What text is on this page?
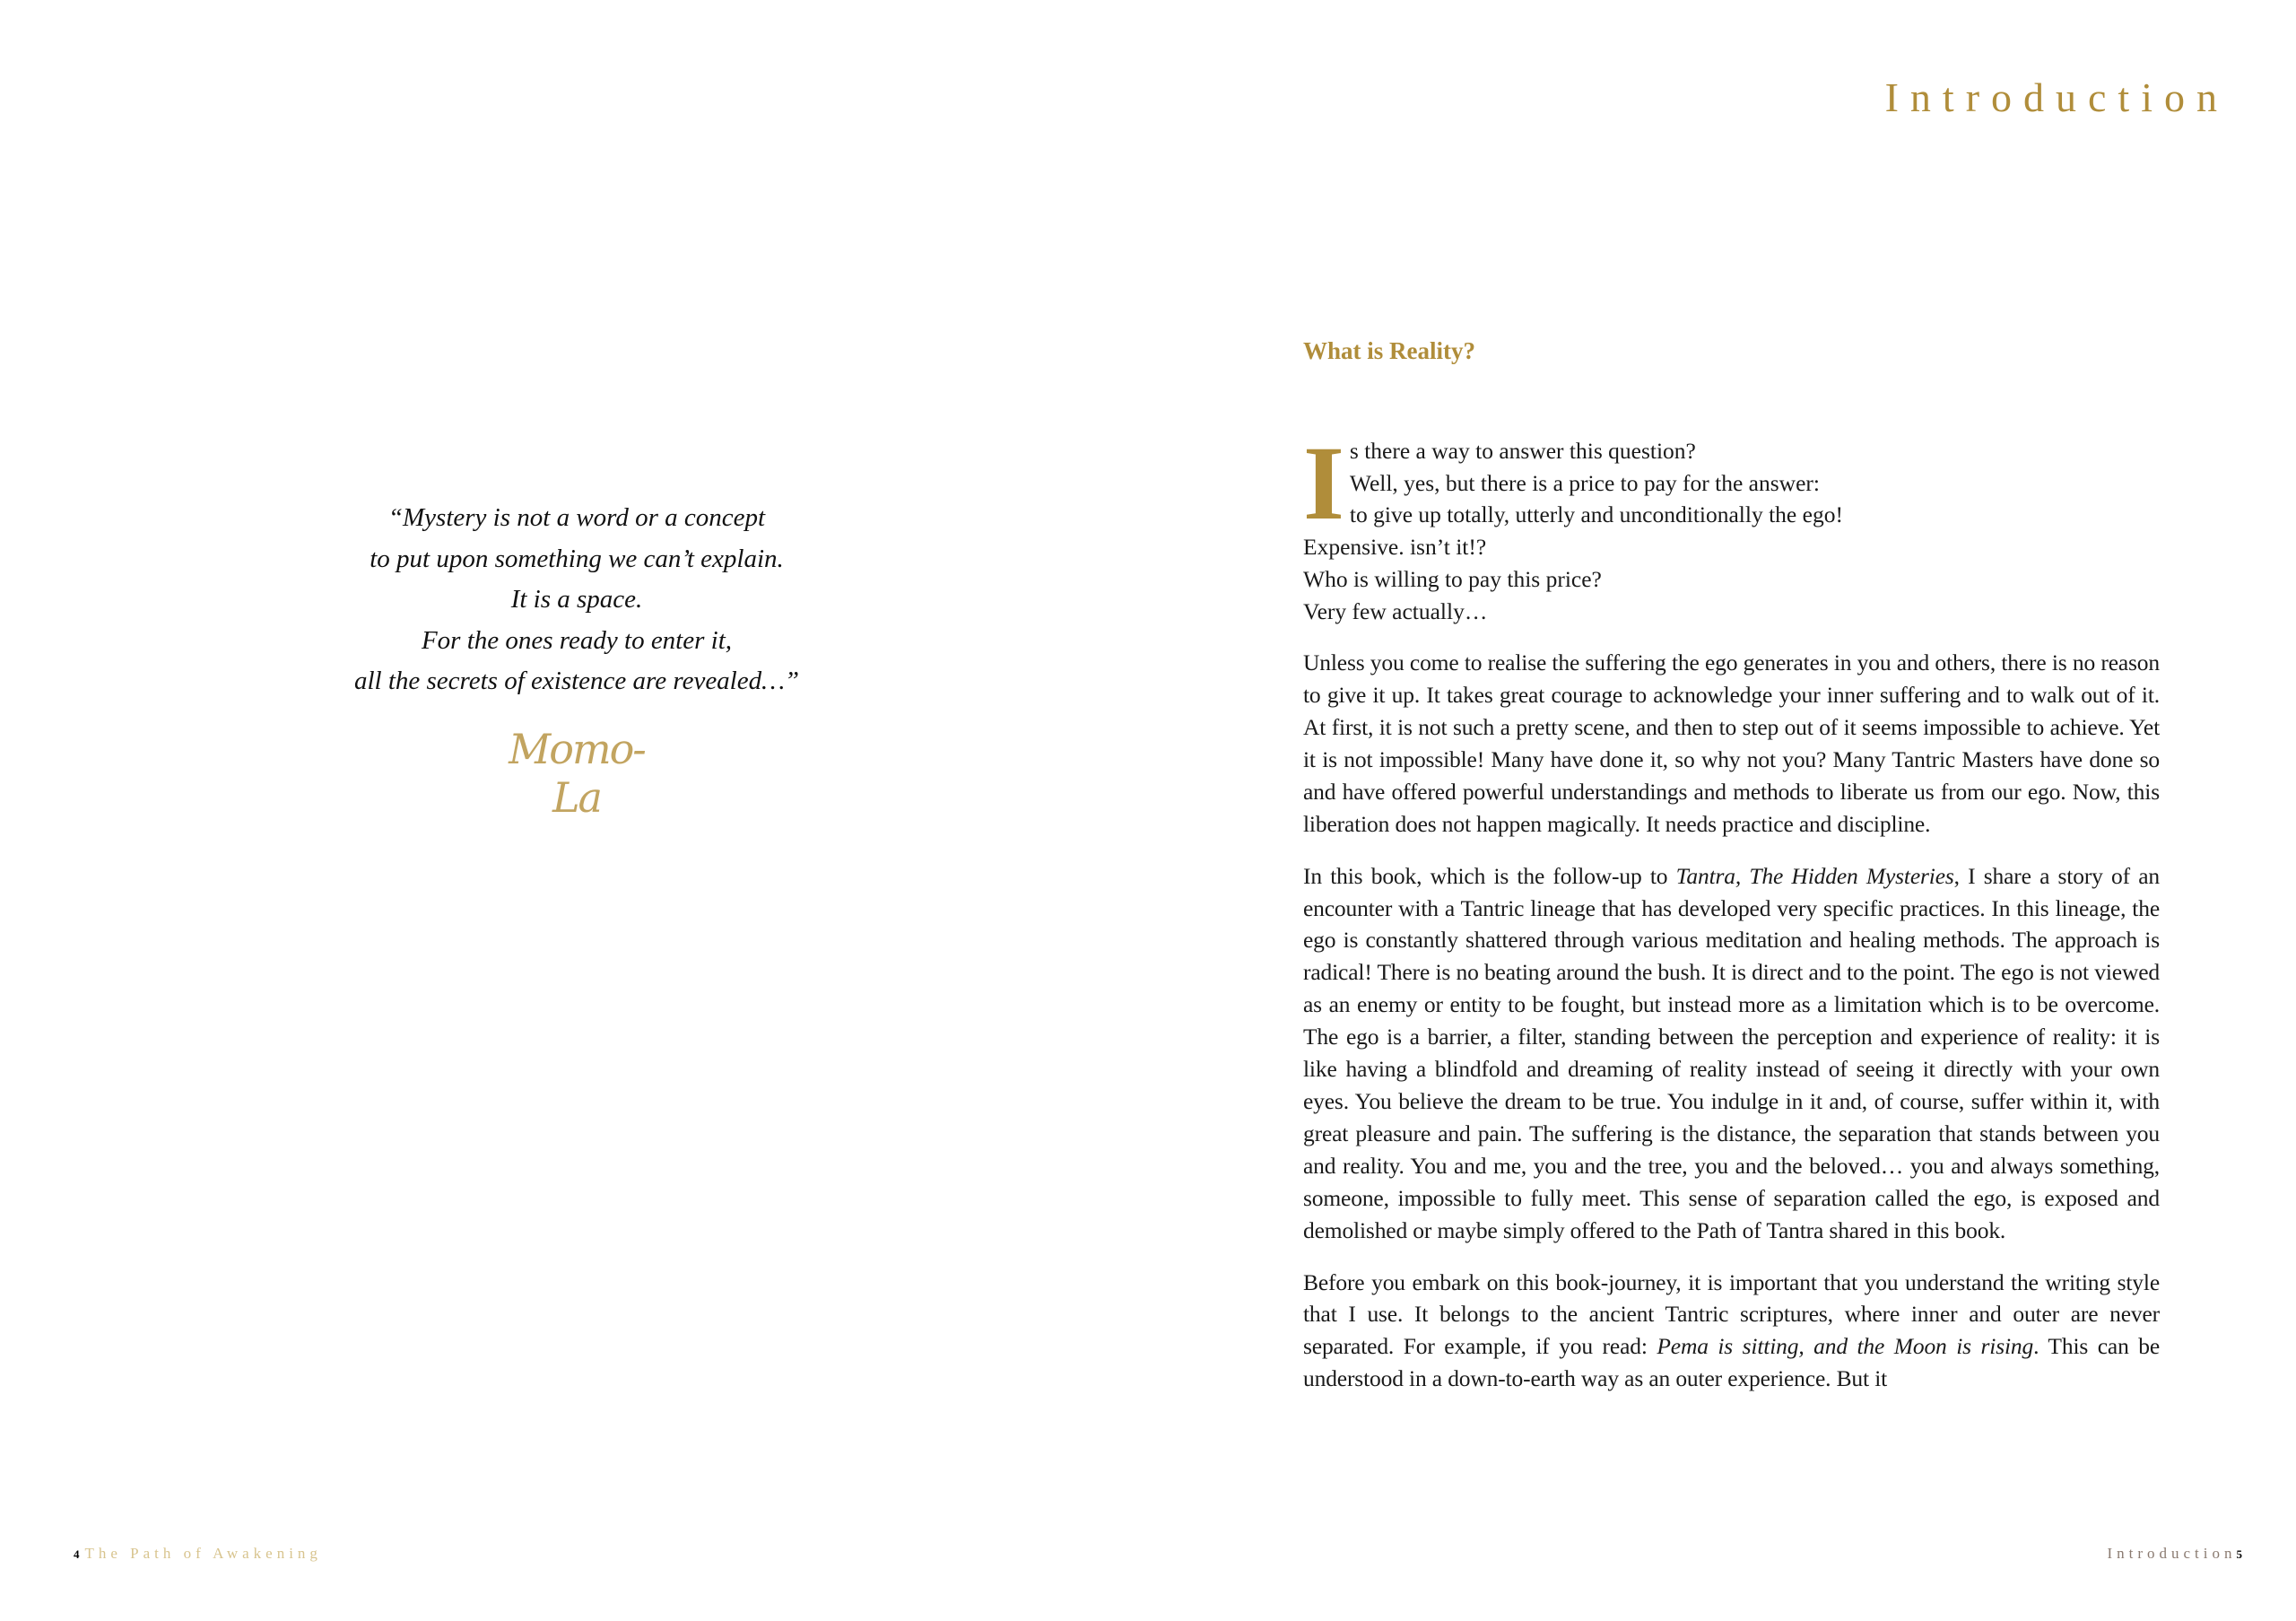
Introduction
“Mystery is not a word or a concept
to put upon something we can’t explain.
It is a space.
For the ones ready to enter it,
all the secrets of existence are revealed…”
Momo-La
What is Reality?
I s there a way to answer this question?
Well, yes, but there is a price to pay for the answer:
to give up totally, utterly and unconditionally the ego!
Expensive. isn’t it!?
Who is willing to pay this price?
Very few actually…

Unless you come to realise the suffering the ego generates in you and others, there is no reason to give it up. It takes great courage to acknowledge your inner suffering and to walk out of it. At first, it is not such a pretty scene, and then to step out of it seems impossible to achieve. Yet it is not impossible! Many have done it, so why not you? Many Tantric Masters have done so and have offered powerful understandings and methods to liberate us from our ego. Now, this liberation does not happen magically. It needs practice and discipline.

In this book, which is the follow-up to Tantra, The Hidden Mysteries, I share a story of an encounter with a Tantric lineage that has developed very specific practices. In this lineage, the ego is constantly shattered through various meditation and healing methods. The approach is radical! There is no beating around the bush. It is direct and to the point. The ego is not viewed as an enemy or entity to be fought, but instead more as a limitation which is to be overcome. The ego is a barrier, a filter, standing between the perception and experience of reality: it is like having a blindfold and dreaming of reality instead of seeing it directly with your own eyes. You believe the dream to be true. You indulge in it and, of course, suffer within it, with great pleasure and pain. The suffering is the distance, the separation that stands between you and reality. You and me, you and the tree, you and the beloved… you and always something, someone, impossible to fully meet. This sense of separation called the ego, is exposed and demolished or maybe simply offered to the Path of Tantra shared in this book.

Before you embark on this book-journey, it is important that you understand the writing style that I use. It belongs to the ancient Tantric scriptures, where inner and outer are never separated. For example, if you read: Pema is sitting, and the Moon is rising. This can be understood in a down-to-earth way as an outer experience. But it

4 The Path of Awakening	Introduction5
